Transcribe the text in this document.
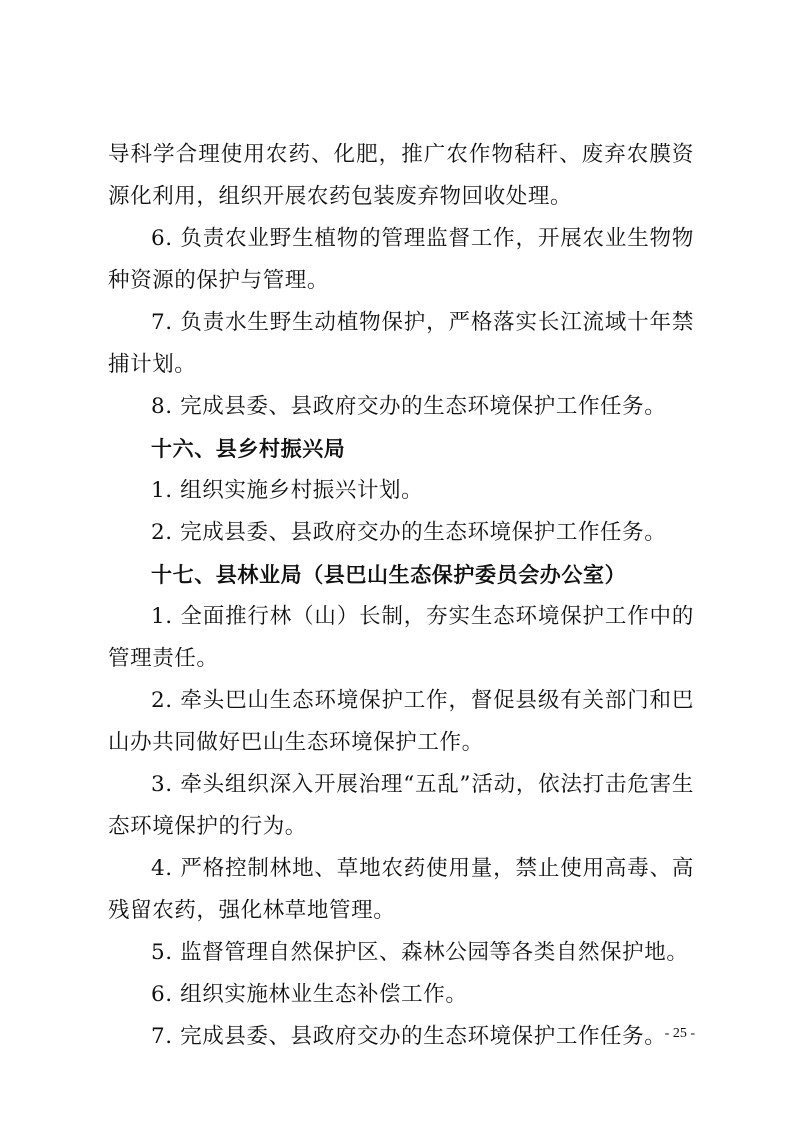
导科学合理使用农药、化肥，推广农作物秸秆、废弃农膜资源化利用，组织开展农药包装废弃物回收处理。

6. 负责农业野生植物的管理监督工作，开展农业生物物种资源的保护与管理。

7. 负责水生野生动植物保护，严格落实长江流域十年禁捕计划。

8. 完成县委、县政府交办的生态环境保护工作任务。

十六、县乡村振兴局

1. 组织实施乡村振兴计划。

2. 完成县委、县政府交办的生态环境保护工作任务。

十七、县林业局（县巴山生态保护委员会办公室）

1. 全面推行林（山）长制，夯实生态环境保护工作中的管理责任。

2. 牵头巴山生态环境保护工作，督促县级有关部门和巴山办共同做好巴山生态环境保护工作。

3. 牵头组织深入开展治理“五乱”活动，依法打击危害生态环境保护的行为。

4. 严格控制林地、草地农药使用量，禁止使用高毒、高残留农药，强化林草地管理。

5. 监督管理自然保护区、森林公园等各类自然保护地。

6. 组织实施林业生态补偿工作。

7. 完成县委、县政府交办的生态环境保护工作任务。

- 25 -
